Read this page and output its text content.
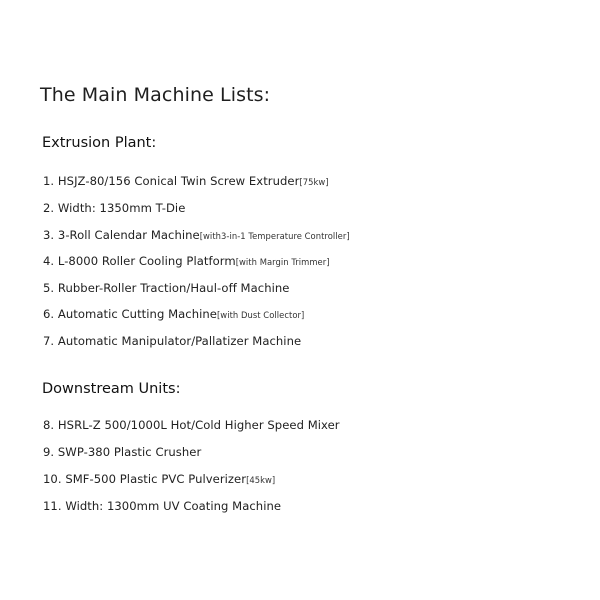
The Main Machine Lists:
Extrusion Plant:
1. HSJZ-80/156 Conical Twin Screw Extruder[75kw]
2. Width: 1350mm T-Die
3. 3-Roll Calendar Machine[with3-in-1 Temperature Controller]
4. L-8000 Roller Cooling Platform[with Margin Trimmer]
5. Rubber-Roller Traction/Haul-off Machine
6. Automatic Cutting Machine[with Dust Collector]
7. Automatic Manipulator/Pallatizer Machine
Downstream Units:
8. HSRL-Z 500/1000L Hot/Cold Higher Speed Mixer
9. SWP-380 Plastic Crusher
10. SMF-500 Plastic PVC Pulverizer[45kw]
11. Width: 1300mm UV Coating Machine
